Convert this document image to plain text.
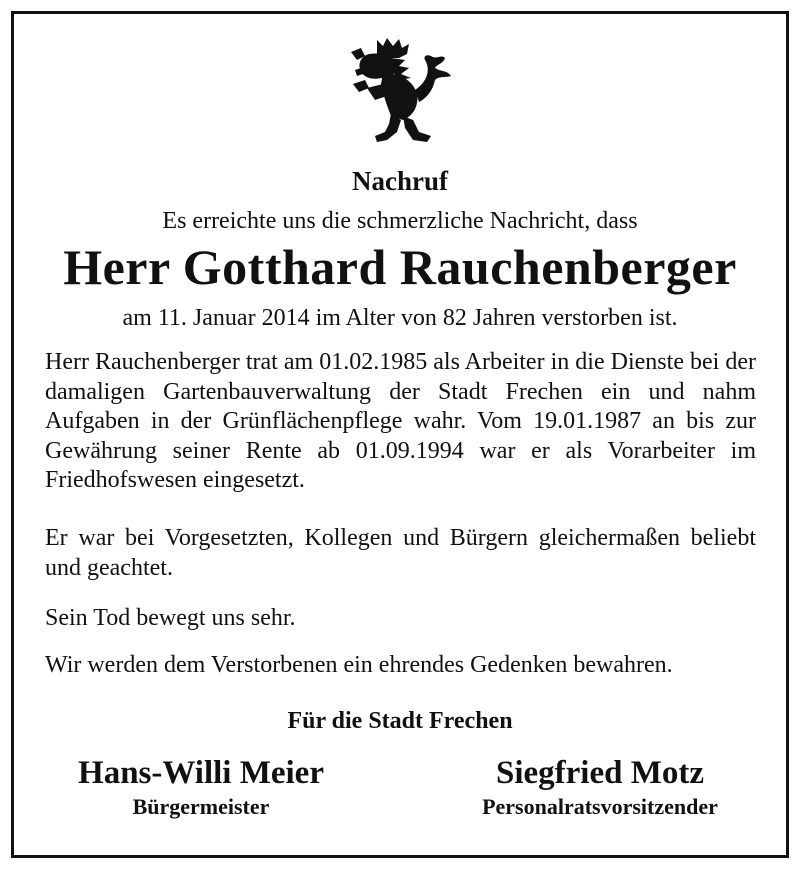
Nachruf
Es erreichte uns die schmerzliche Nachricht, dass
Herr Gotthard Rauchenberger
am 11. Januar 2014 im Alter von 82 Jahren verstorben ist.

Herr Rauchenberger trat am 01.02.1985 als Arbeiter in die Dienste bei der damaligen Gartenbauverwaltung der Stadt Frechen ein und nahm Aufgaben in der Grünflächenpflege wahr. Vom 19.01.1987 an bis zur Gewährung seiner Rente ab 01.09.1994 war er als Vorarbeiter im Friedhofswesen eingesetzt.

Er war bei Vorgesetzten, Kollegen und Bürgern gleichermaßen beliebt und geachtet.

Sein Tod bewegt uns sehr.

Wir werden dem Verstorbenen ein ehrendes Gedenken bewahren.

Für die Stadt Frechen
Hans-Willi Meier
Bürgermeister
Siegfried Motz
Personalratsvorsitzender
